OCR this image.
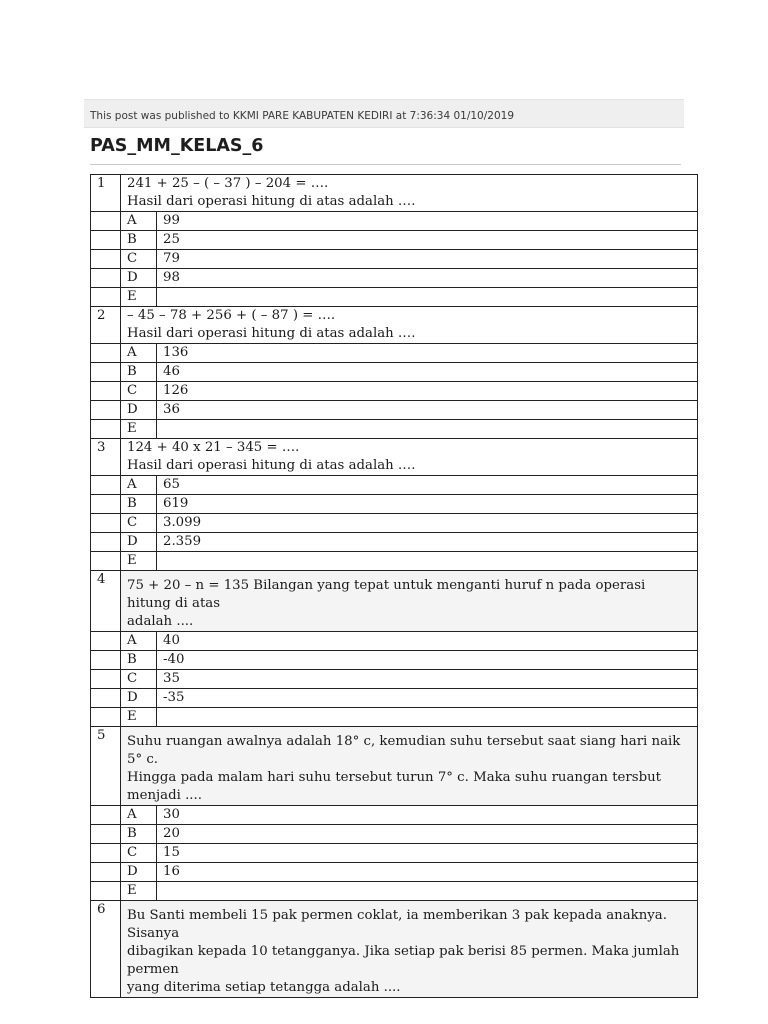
This post was published to KKMI PARE KABUPATEN KEDIRI at 7:36:34 01/10/2019
PAS_MM_KELAS_6
1	241 + 25 – ( – 37 ) – 204 = ….
Hasil dari operasi hitung di atas adalah ….	

	A	99
	B	25
	C	79
	D	98
	E	
2	– 45 – 78 + 256 + ( – 87 ) = ….
Hasil dari operasi hitung di atas adalah ….	

	A	136
	B	46
	C	126
	D	36
	E	
3	124 + 40 x 21 – 345 = ….
Hasil dari operasi hitung di atas adalah ….	

	A	65
	B	619
	C	3.099
	D	2.359
	E	
4	75 + 20 – n = 135 Bilangan yang tepat untuk menganti huruf n pada operasi hitung di atas
adalah ....	

	A	40
	B	-40
	C	35
	D	-35
	E	
5	Suhu ruangan awalnya adalah 18° c, kemudian suhu tersebut saat siang hari naik 5° c.
Hingga pada malam hari suhu tersebut turun 7° c. Maka suhu ruangan tersbut menjadi ....	

	A	30
	B	20
	C	15
	D	16
	E	
6	Bu Santi membeli 15 pak permen coklat, ia memberikan 3 pak kepada anaknya. Sisanya
dibagikan kepada 10 tetangganya. Jika setiap pak berisi 85 permen. Maka jumlah permen
yang diterima setiap tetangga adalah ....	
